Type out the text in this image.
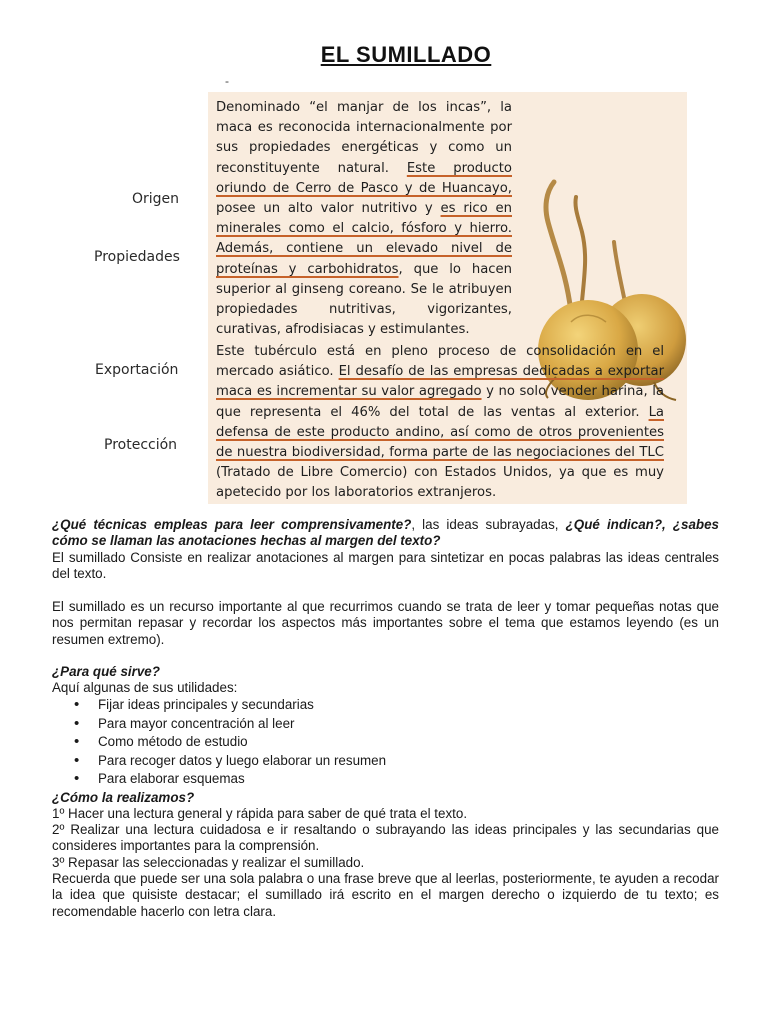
EL SUMILLADO
-
Origen
Propiedades
Exportación
Protección
Denominado “el manjar de los incas”, la maca es reconocida internacionalmente por sus propiedades energéticas y como un reconstituyente natural. Este producto oriundo de Cerro de Pasco y de Huancayo, posee un alto valor nutritivo y es rico en minerales como el calcio, fósforo y hierro. Además, contiene un elevado nivel de proteínas y carbohidratos, que lo hacen superior al ginseng coreano. Se le atribuyen propiedades nutritivas, vigorizantes, curativas, afrodisiacas y estimulantes.
Este tubérculo está en pleno proceso de consolidación en el mercado asiático. El desafío de las empresas dedicadas a exportar maca es incrementar su valor agregado y no solo vender harina, la que representa el 46% del total de las ventas al exterior. La defensa de este producto andino, así como de otros provenientes de nuestra biodiversidad, forma parte de las negociaciones del TLC (Tratado de Libre Comercio) con Estados Unidos, ya que es muy apetecido por los laboratorios extranjeros.
¿Qué técnicas empleas para leer comprensivamente?, las ideas subrayadas, ¿Qué indican?, ¿sabes cómo se llaman las anotaciones hechas al margen del texto?
El sumillado Consiste en realizar anotaciones al margen para sintetizar en pocas palabras las ideas centrales del texto.
El sumillado es un recurso importante al que recurrimos cuando se trata de leer y tomar pequeñas notas que nos permitan repasar y recordar los aspectos más importantes sobre el tema que estamos leyendo (es un resumen extremo).
¿Para qué sirve?
Aquí algunas de sus utilidades:
• Fijar ideas principales y secundarias
• Para mayor concentración al leer
• Como método de estudio
• Para recoger datos y luego elaborar un resumen
• Para elaborar esquemas
¿Cómo la realizamos?
1º Hacer una lectura general y rápida para saber de qué trata el texto.
2º Realizar una lectura cuidadosa e ir resaltando o subrayando las ideas principales y las secundarias que consideres importantes para la comprensión.
3º Repasar las seleccionadas y realizar el sumillado.
Recuerda que puede ser una sola palabra o una frase breve que al leerlas, posteriormente, te ayuden a recodar la idea que quisiste destacar; el sumillado irá escrito en el margen derecho o izquierdo de tu texto; es recomendable hacerlo con letra clara.
